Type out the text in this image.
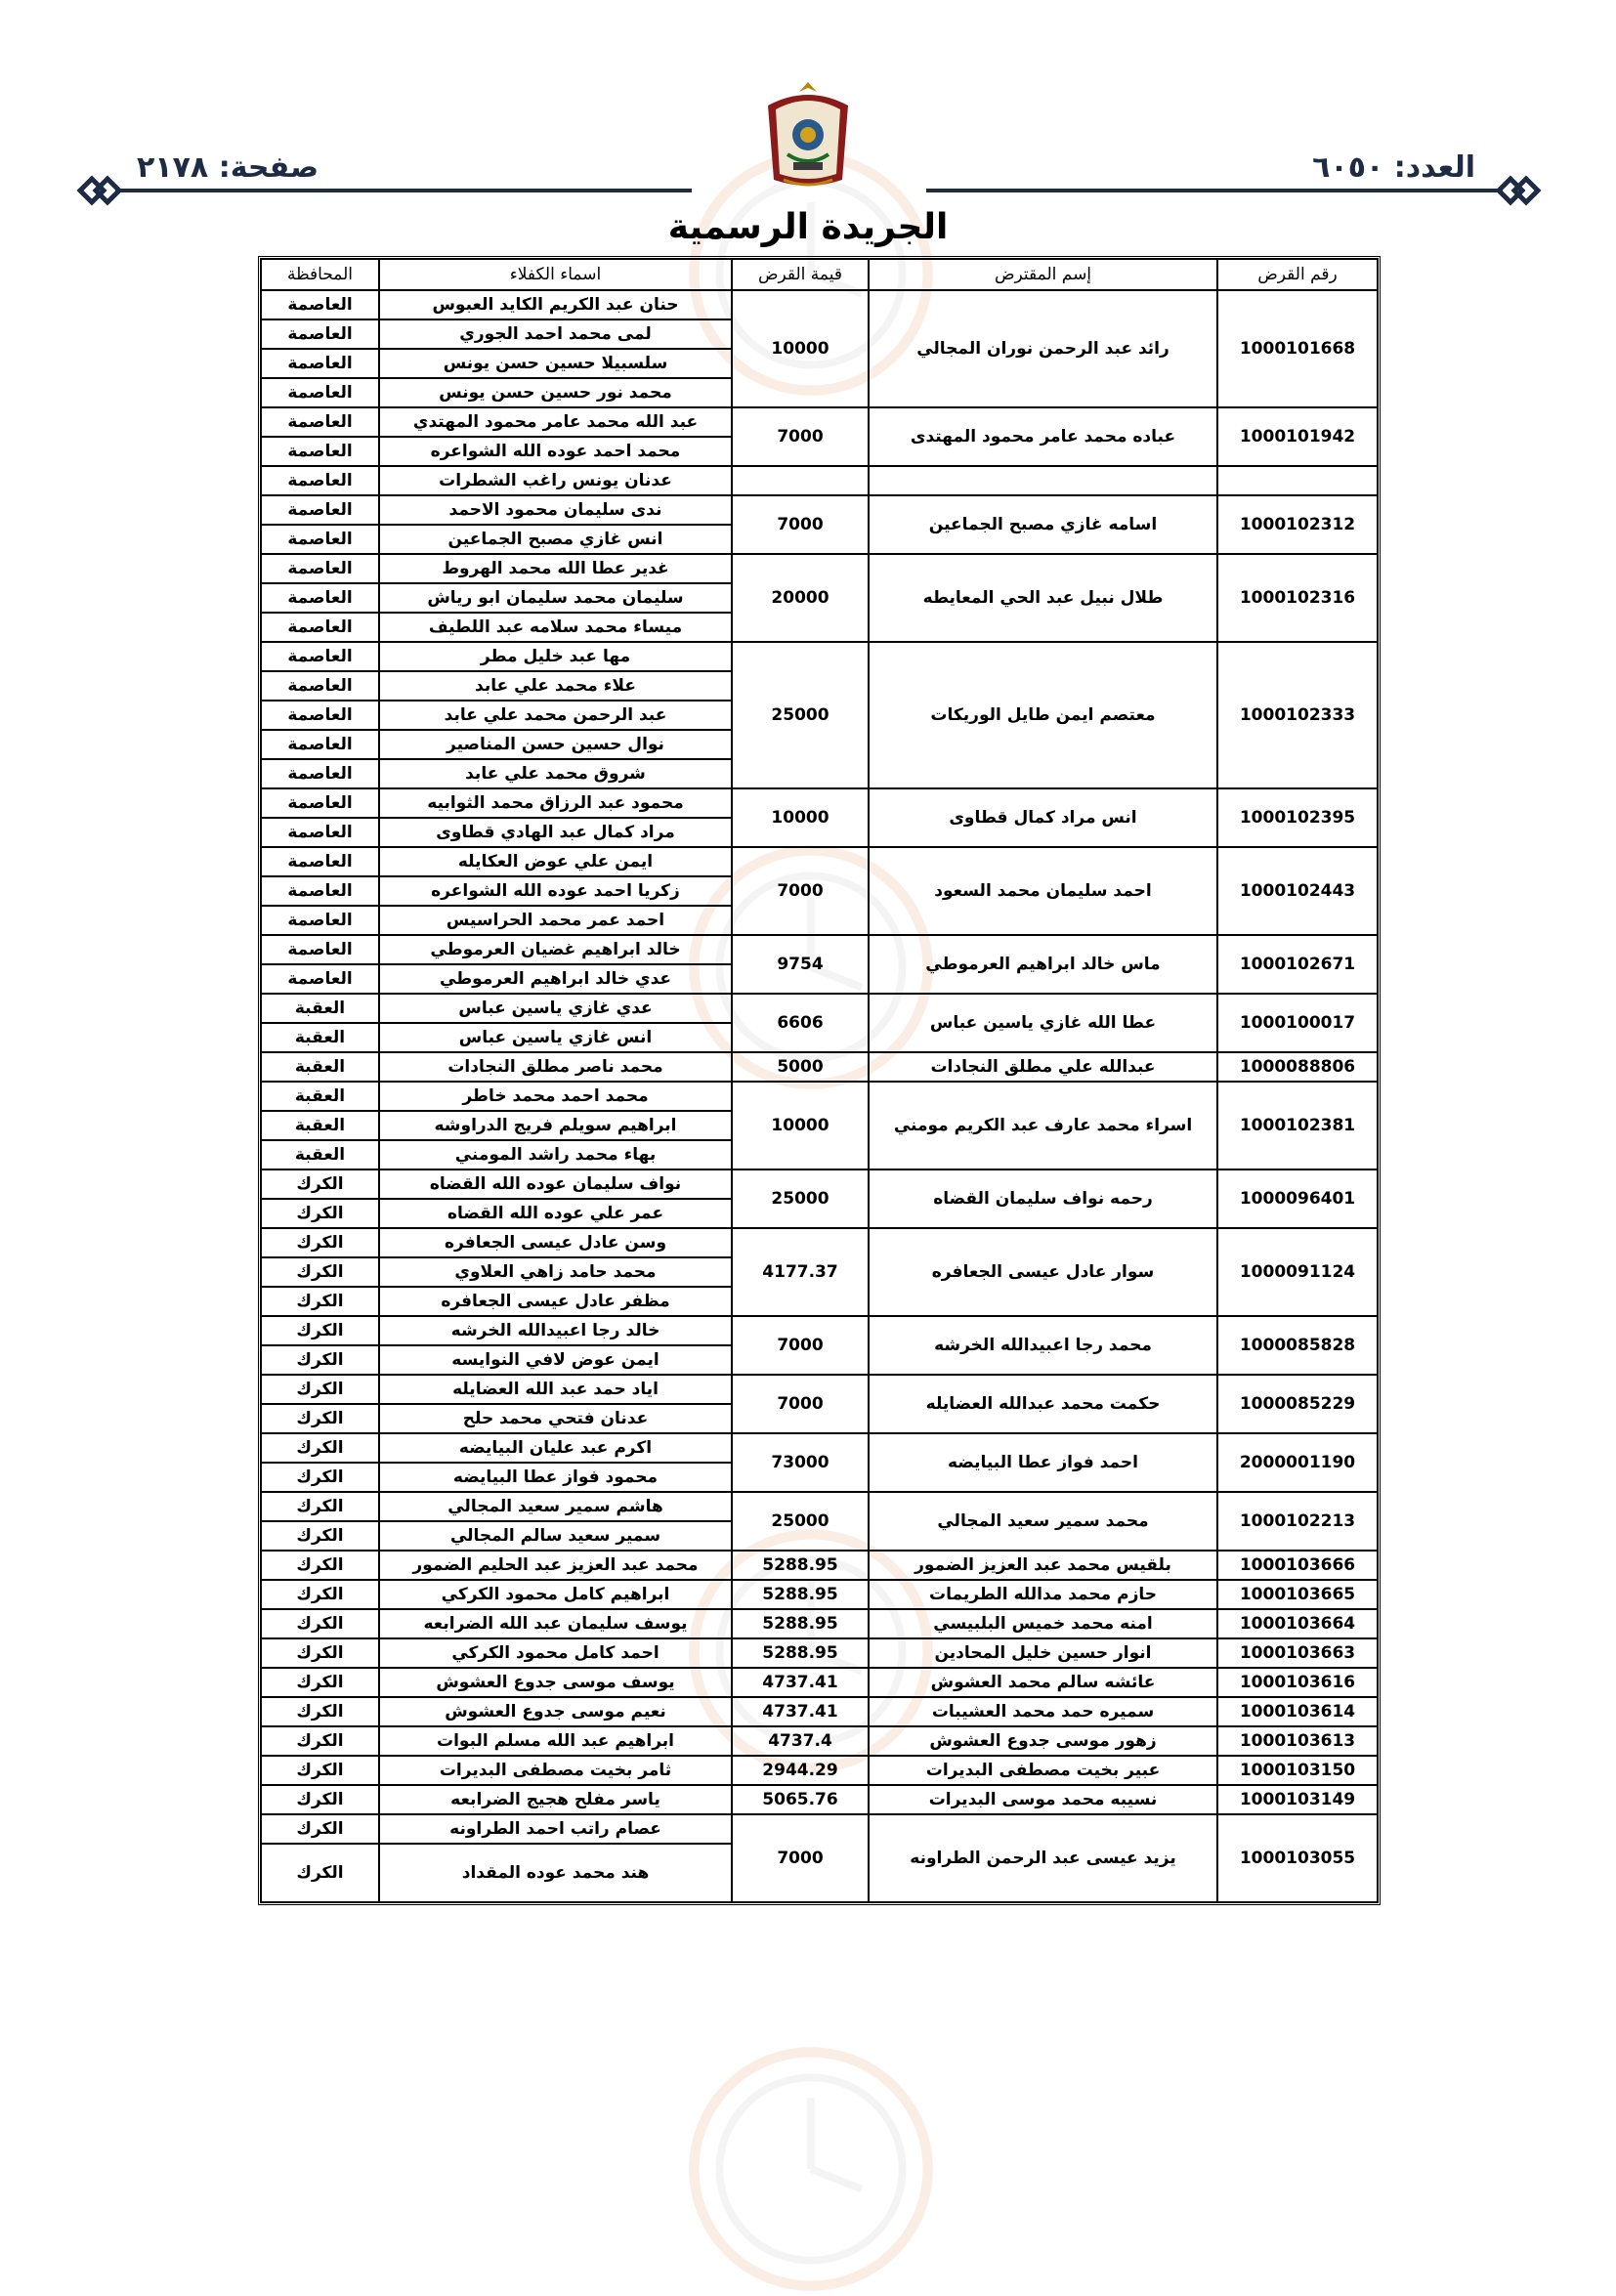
العدد: ٦٠٥٠
صفحة: ٢١٧٨
الجريدة الرسمية
رقم القرض	إسم المقترض	قيمة القرض	اسماء الكفلاء	المحافظة
1000101668	رائد عبد الرحمن نوران المجالي	10000	حنان عبد الكريم الكايد العبوس	العاصمة
			لمى محمد احمد الجوري	العاصمة
			سلسبيلا حسين حسن يونس	العاصمة
			محمد نور حسين حسن يونس	العاصمة
1000101942	عباده محمد عامر محمود المهتدى	7000	عبد الله محمد عامر محمود المهتدي	العاصمة
			محمد احمد عوده الله الشواعره	العاصمة
			عدنان يونس راغب الشطرات	العاصمة
1000102312	اسامه غازي مصبح الجماعين	7000	ندى سليمان محمود الاحمد	العاصمة
			انس غازي مصبح الجماعين	العاصمة
1000102316	طلال نبيل عبد الحي المعايطه	20000	غدير عطا الله محمد الهروط	العاصمة
			سليمان محمد سليمان ابو رياش	العاصمة
			ميساء محمد سلامه عبد اللطيف	العاصمة
1000102333	معتصم ايمن طايل الوريكات	25000	مها عبد خليل مطر	العاصمة
			علاء محمد علي عابد	العاصمة
			عبد الرحمن محمد علي عابد	العاصمة
			نوال حسين حسن المناصير	العاصمة
			شروق محمد علي عابد	العاصمة
1000102395	انس مراد كمال قطاوى	10000	محمود عبد الرزاق محمد الثوابيه	العاصمة
			مراد كمال عبد الهادي قطاوى	العاصمة
1000102443	احمد سليمان محمد السعود	7000	ايمن علي عوض العكايله	العاصمة
			زكريا احمد عوده الله الشواعره	العاصمة
			احمد عمر محمد الحراسيس	العاصمة
1000102671	ماس خالد ابراهيم العرموطي	9754	خالد ابراهيم غضيان العرموطي	العاصمة
			عدي خالد ابراهيم العرموطي	العاصمة
1000100017	عطا الله غازي ياسين عباس	6606	عدي غازي ياسين عباس	العقبة
			انس غازي ياسين عباس	العقبة
1000088806	عبدالله علي مطلق النجادات	5000	محمد ناصر مطلق النجادات	العقبة
1000102381	اسراء محمد عارف عبد الكريم مومني	10000	محمد احمد محمد خاطر	العقبة
			ابراهيم سويلم فريج الدراوشه	العقبة
			بهاء محمد راشد المومني	العقبة
1000096401	رحمه نواف سليمان القضاه	25000	نواف سليمان عوده الله القضاه	الكرك
			عمر علي عوده الله القضاه	الكرك
1000091124	سوار عادل عيسى الجعافره	4177.37	وسن عادل عيسى الجعافره	الكرك
			محمد حامد زاهي العلاوي	الكرك
			مظفر عادل عيسى الجعافره	الكرك
1000085828	محمد رجا اعبيدالله الخرشه	7000	خالد رجا اعبيدالله الخرشه	الكرك
			ايمن عوض لافي النوايسه	الكرك
1000085229	حكمت محمد عبدالله العضايله	7000	اياد حمد عبد الله العضايله	الكرك
			عدنان فتحي محمد حلح	الكرك
2000001190	احمد فواز عطا البيايضه	73000	اكرم عبد عليان البيايضه	الكرك
			محمود فواز عطا البيايضه	الكرك
1000102213	محمد سمير سعيد المجالي	25000	هاشم سمير سعيد المجالي	الكرك
			سمير سعيد سالم المجالي	الكرك
1000103666	بلقيس محمد عبد العزيز الضمور	5288.95	محمد عبد العزيز عبد الحليم الضمور	الكرك
1000103665	حازم محمد مدالله الطريمات	5288.95	ابراهيم كامل محمود الكركي	الكرك
1000103664	امنه محمد خميس البلبيسي	5288.95	يوسف سليمان عبد الله الضرابعه	الكرك
1000103663	انوار حسين خليل المحادين	5288.95	احمد كامل محمود الكركي	الكرك
1000103616	عائشه سالم محمد العشوش	4737.41	يوسف موسى جدوع العشوش	الكرك
1000103614	سميره حمد محمد العشيبات	4737.41	نعيم موسى جدوع العشوش	الكرك
1000103613	زهور موسى جدوع العشوش	4737.4	ابراهيم عبد الله مسلم البوات	الكرك
1000103150	عبير بخيت مصطفى البديرات	2944.29	ثامر بخيت مصطفى البديرات	الكرك
1000103149	نسيبه محمد موسى البديرات	5065.76	ياسر مفلح هجيج الضرابعه	الكرك
1000103055	يزيد عيسى عبد الرحمن الطراونه	7000	عصام راتب احمد الطراونه	الكرك
			هند محمد عوده المقداد	الكرك
